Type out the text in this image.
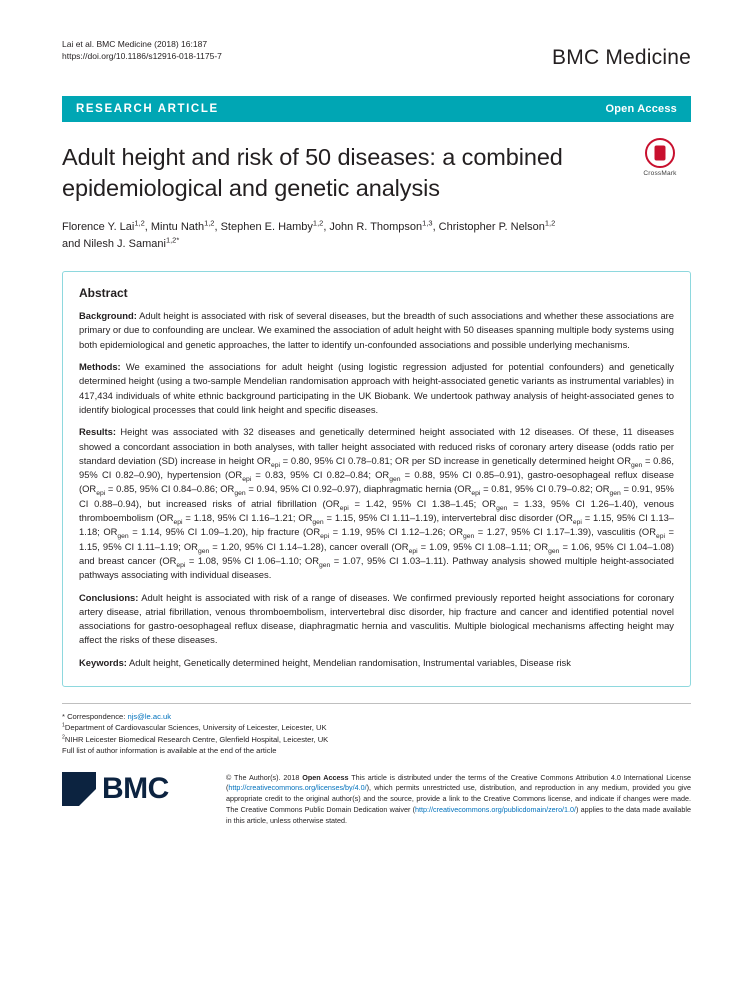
Lai et al. BMC Medicine (2018) 16:187
https://doi.org/10.1186/s12916-018-1175-7	BMC Medicine
RESEARCH ARTICLE	Open Access
Adult height and risk of 50 diseases: a combined epidemiological and genetic analysis
CrossMark
Florence Y. Lai$^{1,2}$, Mintu Nath$^{1,2}$, Stephen E. Hamby$^{1,2}$, John R. Thompson$^{1,3}$, Christopher P. Nelson$^{1,2}$
and Nilesh J. Samani$^{1,2*}$
Abstract

Background: Adult height is associated with risk of several diseases, but the breadth of such associations and whether these associations are primary or due to confounding are unclear. We examined the association of adult height with 50 diseases spanning multiple body systems using both epidemiological and genetic approaches, the latter to identify un-confounded associations and possible underlying mechanisms.

Methods: We examined the associations for adult height (using logistic regression adjusted for potential confounders) and genetically determined height (using a two-sample Mendelian randomisation approach with height-associated genetic variants as instrumental variables) in 417,434 individuals of white ethnic background participating in the UK Biobank. We undertook pathway analysis of height-associated genes to identify biological processes that could link height and specific diseases.

Results: Height was associated with 32 diseases and genetically determined height associated with 12 diseases. Of these, 11 diseases showed a concordant association in both analyses, with taller height associated with reduced risks of coronary artery disease (odds ratio per standard deviation (SD) increase in height $OR_{epi} = 0.80$, 95% CI 0.78–0.81; OR per SD increase in genetically determined height $OR_{gen} = 0.86$, 95% CI 0.82–0.90), hypertension ($OR_{epi} = 0.83$, 95% CI 0.82–0.84; $OR_{gen} = 0.88$, 95% CI 0.85–0.91), gastro-oesophageal reflux disease ($OR_{epi} = 0.85$, 95% CI 0.84–0.86; $OR_{gen} = 0.94$, 95% CI 0.92–0.97), diaphragmatic hernia ($OR_{epi} = 0.81$, 95% CI 0.79–0.82; $OR_{gen} = 0.91$, 95% CI 0.88–0.94), but increased risks of atrial fibrillation ($OR_{epi} = 1.42$, 95% CI 1.38–1.45; $OR_{gen} = 1.33$, 95% CI 1.26–1.40), venous thromboembolism ($OR_{epi} = 1.18$, 95% CI 1.16–1.21; $OR_{gen} = 1.15$, 95% CI 1.11–1.19), intervertebral disc disorder ($OR_{epi} = 1.15$, 95% CI 1.13–1.18; $OR_{gen} = 1.14$, 95% CI 1.09–1.20), hip fracture ($OR_{epi} = 1.19$, 95% CI 1.12–1.26; $OR_{gen} = 1.27$, 95% CI 1.17–1.39), vasculitis ($OR_{epi} = 1.15$, 95% CI 1.11–1.19; $OR_{gen} = 1.20$, 95% CI 1.14–1.28), cancer overall ($OR_{epi} = 1.09$, 95% CI 1.08–1.11; $OR_{gen} = 1.06$, 95% CI 1.04–1.08) and breast cancer ($OR_{epi} = 1.08$, 95% CI 1.06–1.10; $OR_{gen} = 1.07$, 95% CI 1.03–1.11). Pathway analysis showed multiple height-associated pathways associating with individual diseases.

Conclusions: Adult height is associated with risk of a range of diseases. We confirmed previously reported height associations for coronary artery disease, atrial fibrillation, venous thromboembolism, intervertebral disc disorder, hip fracture and cancer and identified potential novel associations for gastro-oesophageal reflux disease, diaphragmatic hernia and vasculitis. Multiple biological mechanisms affecting height may affect the risks of these diseases.

Keywords: Adult height, Genetically determined height, Mendelian randomisation, Instrumental variables, Disease risk

* Correspondence: njs@le.ac.uk
$^1$Department of Cardiovascular Sciences, University of Leicester, Leicester, UK
$^2$NIHR Leicester Biomedical Research Centre, Glenfield Hospital, Leicester, UK
Full list of author information is available at the end of the article
BMC	© The Author(s). 2018 Open Access This article is distributed under the terms of the Creative Commons Attribution 4.0 International License (http://creativecommons.org/licenses/by/4.0/), which permits unrestricted use, distribution, and reproduction in any medium, provided you give appropriate credit to the original author(s) and the source, provide a link to the Creative Commons license, and indicate if changes were made. The Creative Commons Public Domain Dedication waiver (http://creativecommons.org/publicdomain/zero/1.0/) applies to the data made available in this article, unless otherwise stated.
